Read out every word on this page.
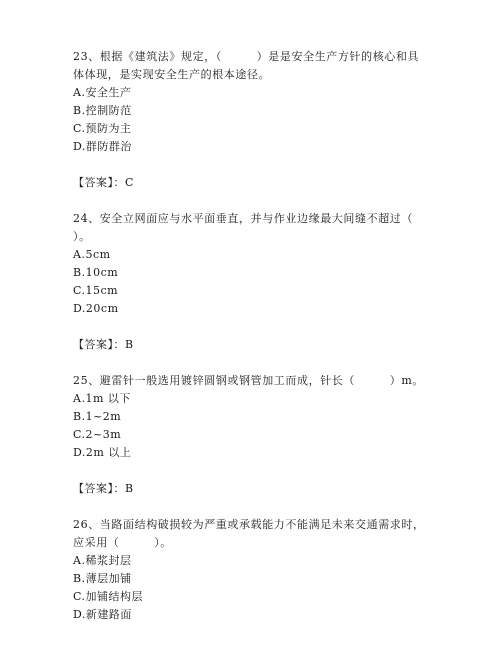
23、根据《建筑法》规定，（　　　）是是安全生产方针的核心和具

体体现，是实现安全生产的根本途径。

A.安全生产

B.控制防范

C.预防为主

D.群防群治

【答案】：C

24、安全立网面应与水平面垂直，并与作业边缘最大间缝不超过（

）。

A.5cm

B.10cm

C.15cm

D.20cm

【答案】：B

25、避雷针一般选用镀锌圆钢或钢管加工而成，针长（　　　）m。

A.1m 以下

B.1~2m

C.2~3m

D.2m 以上

【答案】：B

26、当路面结构破损较为严重或承载能力不能满足未来交通需求时，

应采用（　　　）。

A.稀浆封层

B.薄层加铺

C.加铺结构层

D.新建路面
